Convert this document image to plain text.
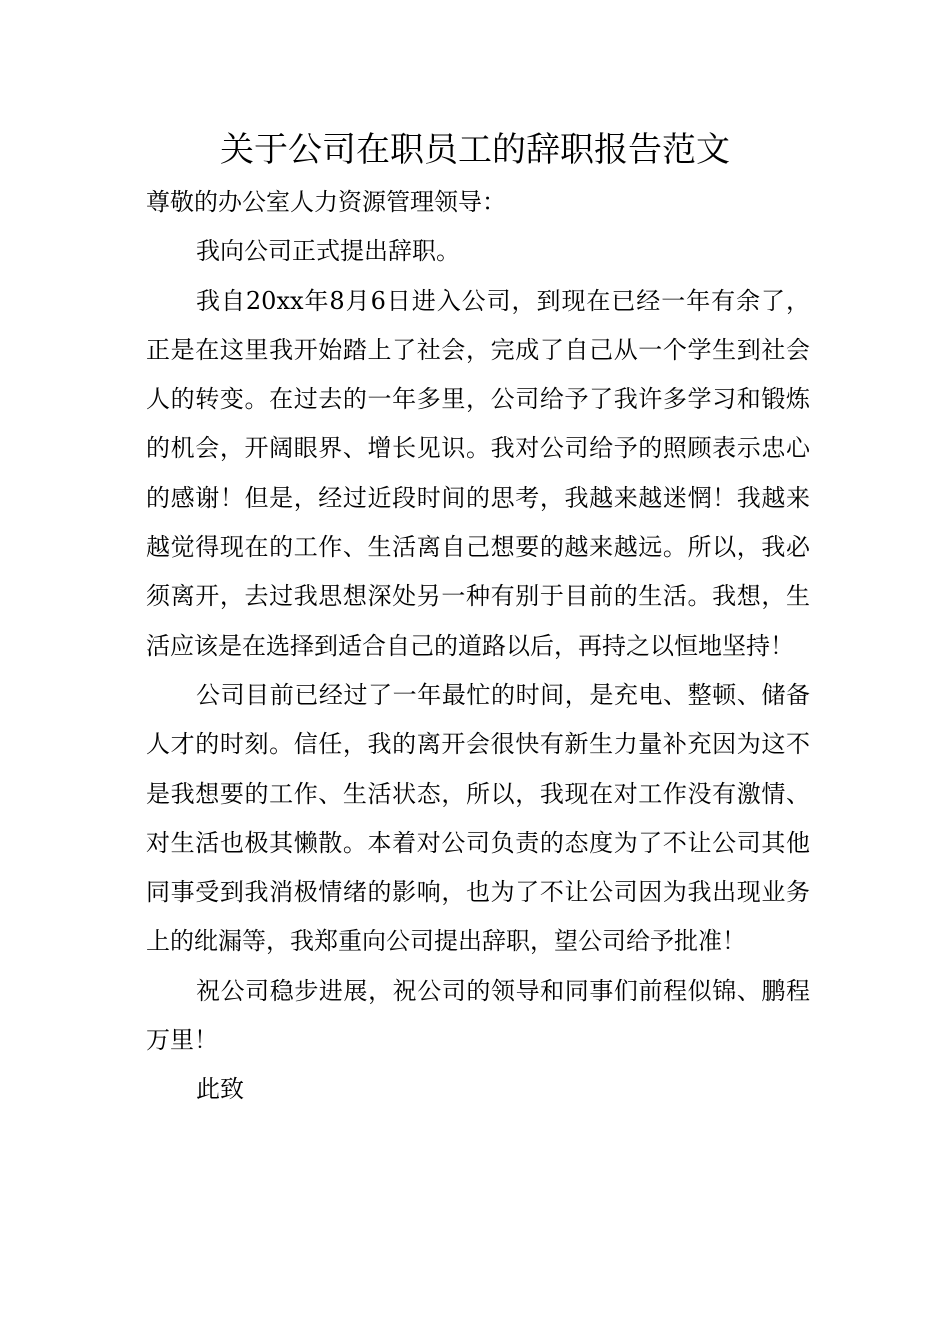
关于公司在职员工的辞职报告范文

尊敬的办公室人力资源管理领导：

我向公司正式提出辞职。

我自20xx年8月6日进入公司，到现在已经一年有余了，正是在这里我开始踏上了社会，完成了自己从一个学生到社会人的转变。在过去的一年多里，公司给予了我许多学习和锻炼的机会，开阔眼界、增长见识。我对公司给予的照顾表示忠心的感谢！但是，经过近段时间的思考，我越来越迷惘！我越来越觉得现在的工作、生活离自己想要的越来越远。所以，我必须离开，去过我思想深处另一种有别于目前的生活。我想，生活应该是在选择到适合自己的道路以后，再持之以恒地坚持！

公司目前已经过了一年最忙的时间，是充电、整顿、储备人才的时刻。信任，我的离开会很快有新生力量补充因为这不是我想要的工作、生活状态，所以，我现在对工作没有激情、对生活也极其懒散。本着对公司负责的态度为了不让公司其他同事受到我消极情绪的影响，也为了不让公司因为我出现业务上的纰漏等，我郑重向公司提出辞职，望公司给予批准！

祝公司稳步进展，祝公司的领导和同事们前程似锦、鹏程万里！

此致
